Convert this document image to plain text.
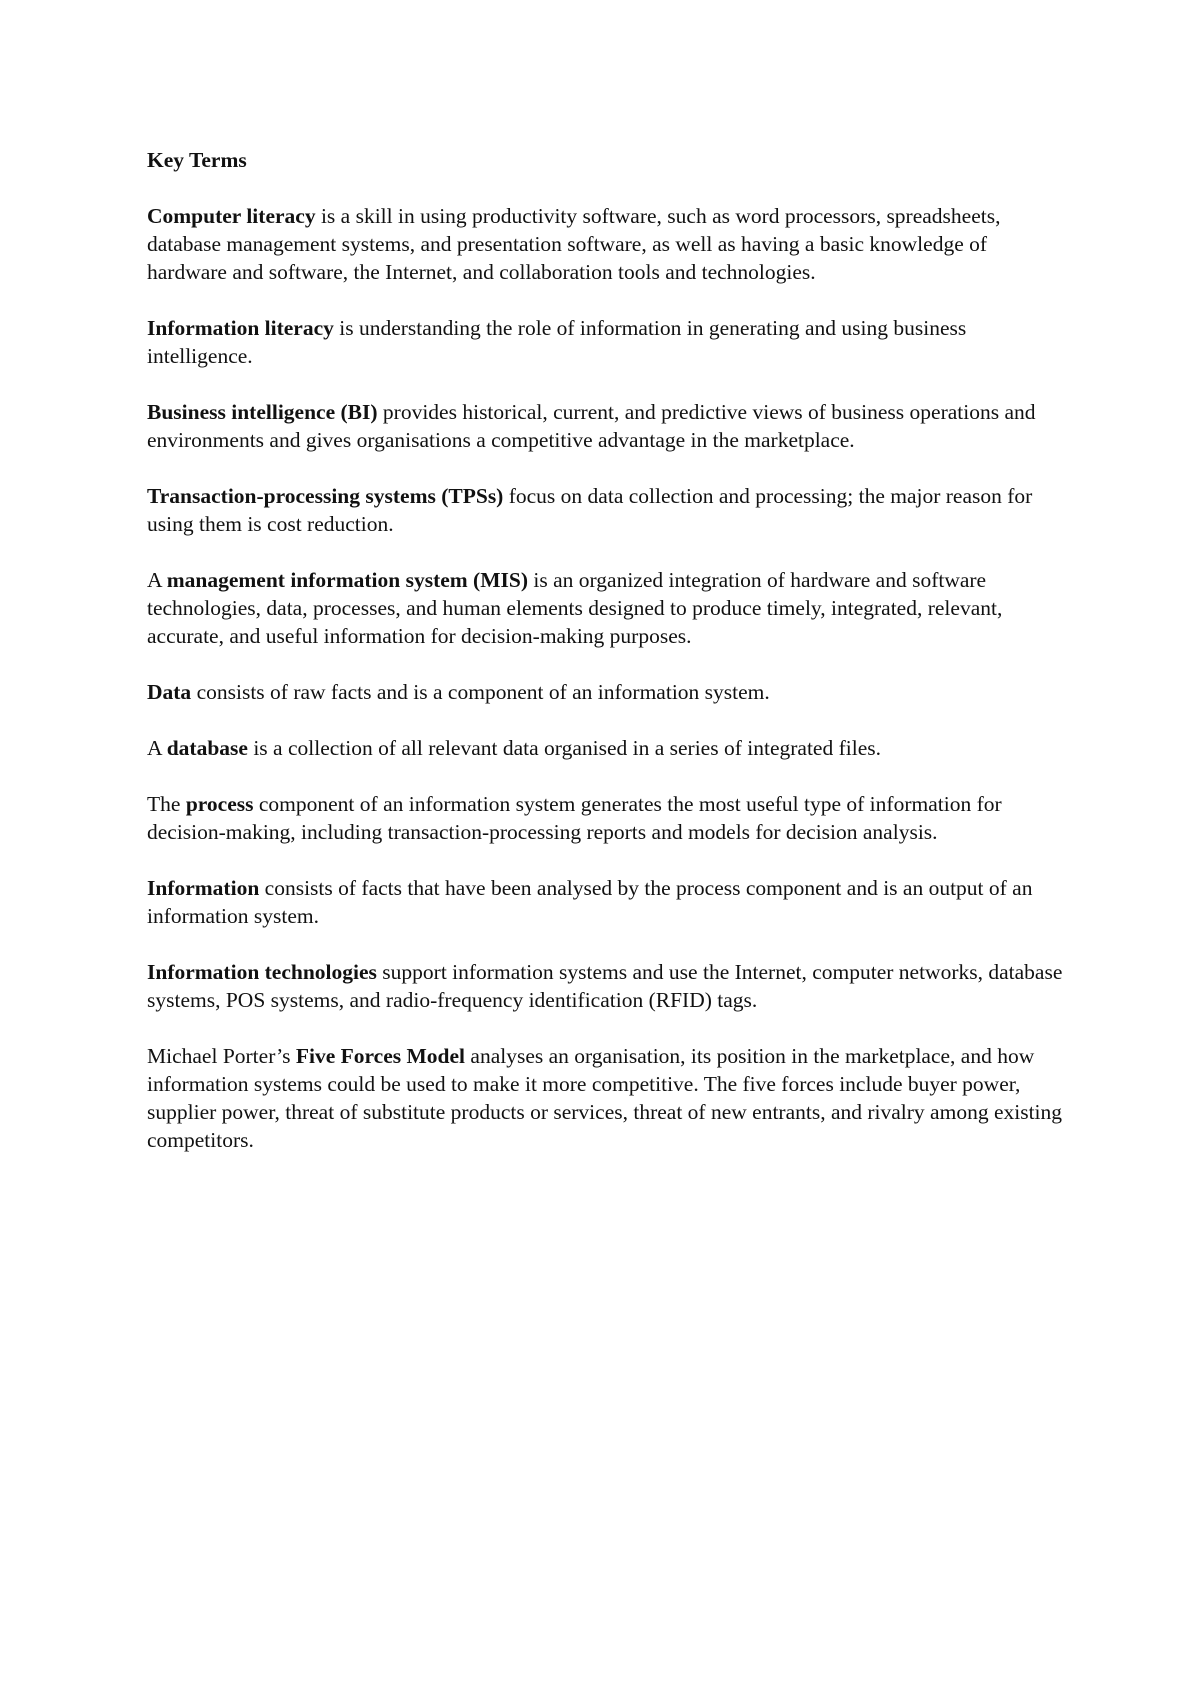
Key Terms

Computer literacy is a skill in using productivity software, such as word processors, spreadsheets, database management systems, and presentation software, as well as having a basic knowledge of hardware and software, the Internet, and collaboration tools and technologies.

Information literacy is understanding the role of information in generating and using business intelligence.

Business intelligence (BI) provides historical, current, and predictive views of business operations and environments and gives organisations a competitive advantage in the marketplace.

Transaction-processing systems (TPSs) focus on data collection and processing; the major reason for using them is cost reduction.

A management information system (MIS) is an organized integration of hardware and software technologies, data, processes, and human elements designed to produce timely, integrated, relevant, accurate, and useful information for decision-making purposes.

Data consists of raw facts and is a component of an information system.

A database is a collection of all relevant data organised in a series of integrated files.

The process component of an information system generates the most useful type of information for decision-making, including transaction-processing reports and models for decision analysis.

Information consists of facts that have been analysed by the process component and is an output of an information system.

Information technologies support information systems and use the Internet, computer networks, database systems, POS systems, and radio-frequency identification (RFID) tags.

Michael Porter’s Five Forces Model analyses an organisation, its position in the marketplace, and how information systems could be used to make it more competitive. The five forces include buyer power, supplier power, threat of substitute products or services, threat of new entrants, and rivalry among existing competitors.
